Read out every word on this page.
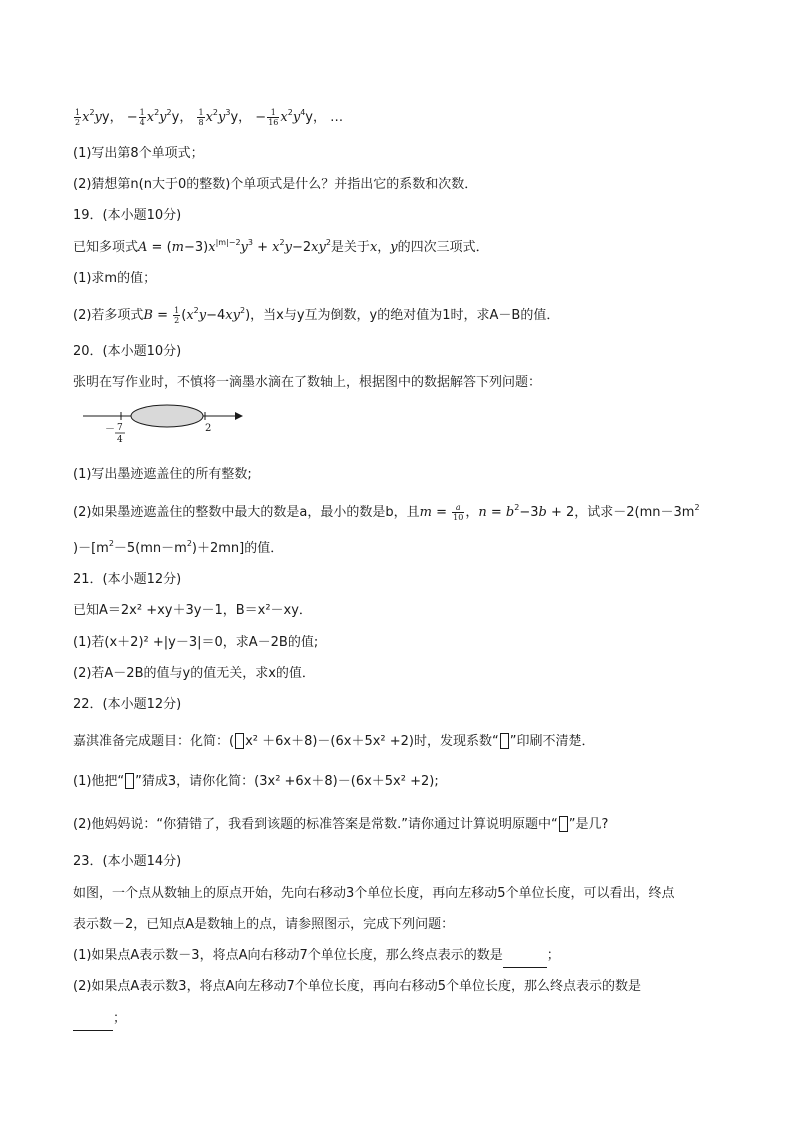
$\frac{1}{2} x^2yy$， − $\frac{1}{4} x^2y^2y$， $\frac{1}{8} x^2y^3y$， − $\frac{1}{16} x^2y^4y$， …
(1)写出第8个单项式；
(2)猜想第n(n大于0的整数)个单项式是什么？并指出它的系数和次数．
19．(本小题10分)
已知多项式$A = (m-3)x^{|m|-2}y^3 + x^2y-2xy^2$是关于x，y的四次三项式．
(1)求m的值；
(2)若多项式$B = \frac{1}{2} (x^2y-4xy^2)$，当x与y互为倒数，y的绝对值为1时，求A－B的值．
20．(本小题10分)
张明在写作业时，不慎将一滴墨水滴在了数轴上，根据图中的数据解答下列问题：
－ 7
4
2
(1)写出墨迹遮盖住的所有整数;
(2)如果墨迹遮盖住的整数中最大的数是a，最小的数是b，且$m = \frac{a}{10}$ ，$n = b^2-3b + 2$，试求$-2(mn-3m^2$
)$-[m^2-5(mn-m^2)+2mn]$的值．
21．(本小题12分)
已知A＝2x² +xy＋3y－1，B＝x²－xy．
(1)若(x＋2)² +|y－3|＝0，求A－2B的值;
(2)若A－2B的值与y的值无关，求x的值．
22．(本小题12分)
嘉淇准备完成题目：化简：( x² ＋6x＋8)－(6x＋5x² +2)时，发现系数“ ”印刷不清楚．
(1)他把“ ”猜成3，请你化简：(3x² +6x＋8)－(6x＋5x² +2);
(2)他妈妈说：“你猜错了，我看到该题的标准答案是常数.”请你通过计算说明原题中“ ”是几?
23．(本小题14分)
如图，一个点从数轴上的原点开始，先向右移动3个单位长度，再向左移动5个单位长度，可以看出，终点
表示数－2，已知点A是数轴上的点，请参照图示，完成下列问题：
(1)如果点A表示数－3，将点A向右移动7个单位长度，那么终点表示的数是	；
(2)如果点A表示数3，将点A向左移动7个单位长度，再向右移动5个单位长度，那么终点表示的数是
；
